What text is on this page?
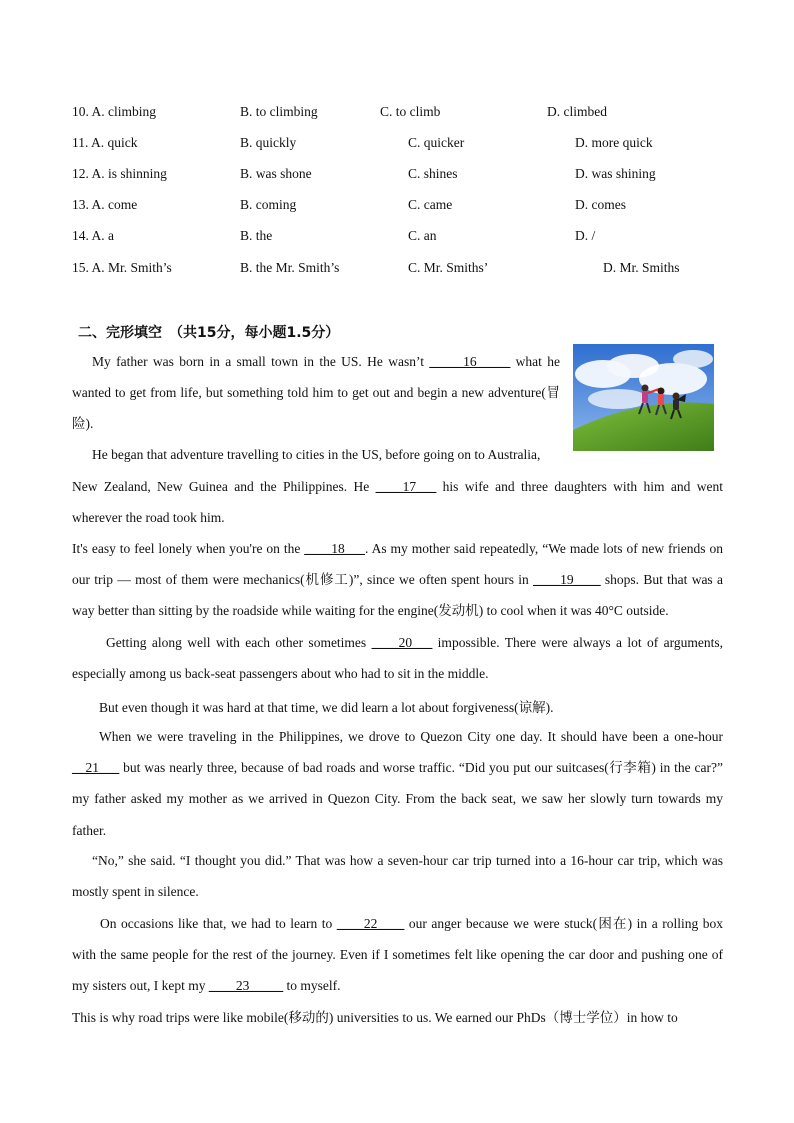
10. A. climbing	B. to climbing	C. to climb	D. climbed
11. A. quick	B. quickly	C. quicker	D. more quick
12. A. is shinning	B. was shone	C. shines	D. was shining
13. A. come	B. coming	C. came	D. comes
14. A. a	B. the	C. an	D. /
15. A. Mr. Smith’s	B. the Mr. Smith’s	C. Mr. Smiths’	D. Mr. Smiths
二、完形填空　（共15分，每小题1.5分）
My father was born in a small town in the US. He wasn’t _____16_____ what he wanted to get from life, but something told him to get out and begin a new adventure(冒险).
He began that adventure travelling to cities in the US, before going on to Australia,
New Zealand, New Guinea and the Philippines. He ____17___ his wife and three daughters with him and went wherever the road took him.
It's easy to feel lonely when you're on the ____18___. As my mother said repeatedly, “We made lots of new friends on our trip — most of them were mechanics(机修工)”, since we often spent hours in ____19____ shops. But that was a way better than sitting by the roadside while waiting for the engine(发动机) to cool when it was 40°C outside.
Getting along well with each other sometimes ____20___ impossible. There were always a lot of arguments, especially among us back-seat passengers about who had to sit in the middle.
But even though it was hard at that time, we did learn a lot about forgiveness(谅解).
When we were traveling in the Philippines, we drove to Quezon City one day. It should have been a one-hour __21___ but was nearly three, because of bad roads and worse traffic. “Did you put our suitcases(行李箱) in the car?” my father asked my mother as we arrived in Quezon City. From the back seat, we saw her slowly turn towards my father.
“No,” she said. “I thought you did.” That was how a seven-hour car trip turned into a 16-hour car trip, which was mostly spent in silence.
On occasions like that, we had to learn to ____22____ our anger because we were stuck(困在) in a rolling box with the same people for the rest of the journey. Even if I sometimes felt like opening the car door and pushing one of my sisters out, I kept my ____23_____ to myself.
This is why road trips were like mobile(移动的) universities to us. We earned our PhDs（博士学位）in how to
